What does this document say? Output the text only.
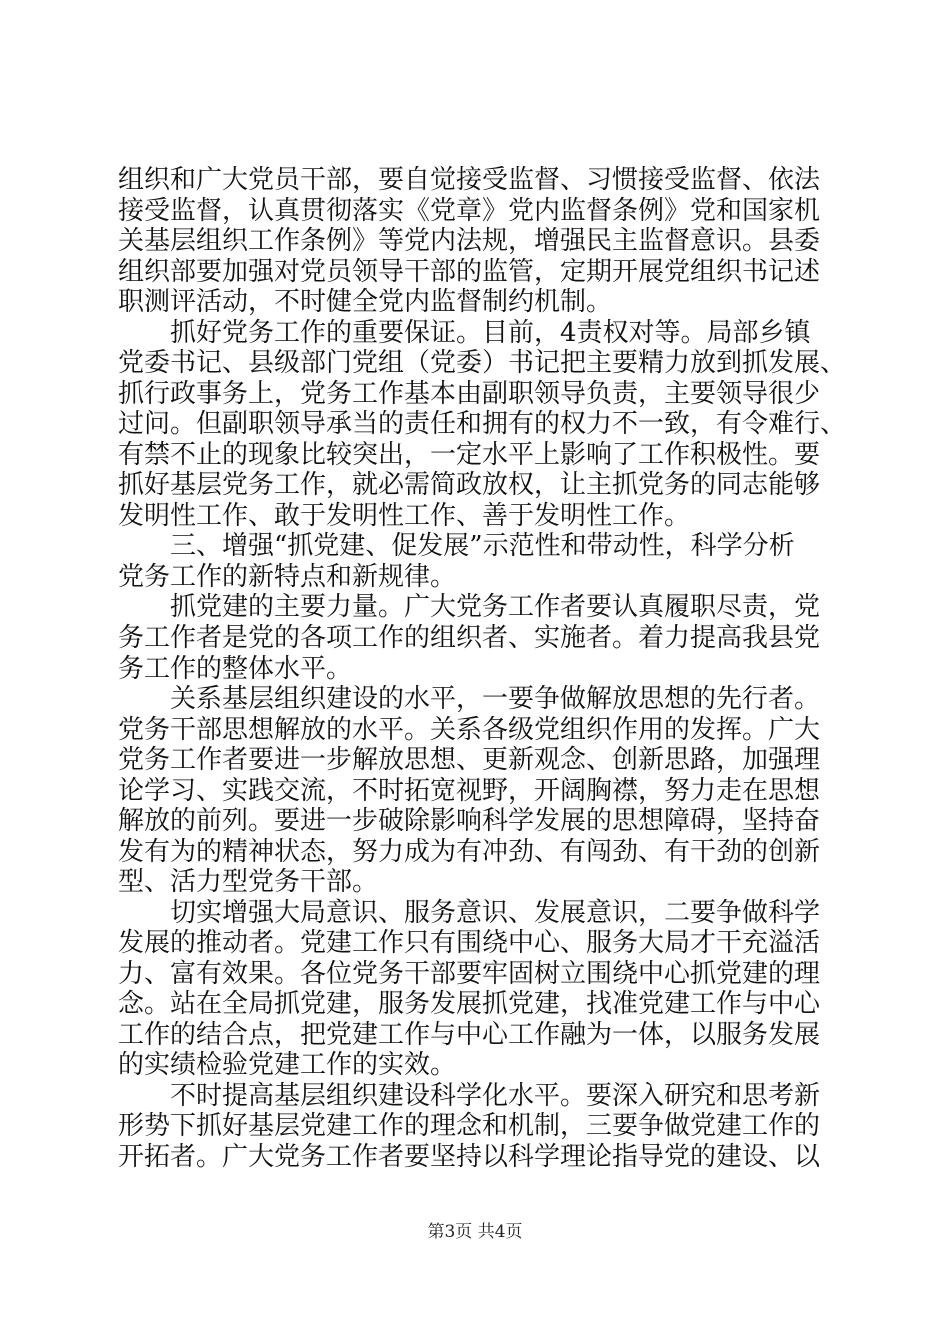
组织和广大党员干部，要自觉接受监督、习惯接受监督、依法
接受监督，认真贯彻落实《党章》党内监督条例》党和国家机
关基层组织工作条例》等党内法规，增强民主监督意识。县委
组织部要加强对党员领导干部的监管，定期开展党组织书记述
职测评活动，不时健全党内监督制约机制。
抓好党务工作的重要保证。目前，4责权对等。局部乡镇
党委书记、县级部门党组（党委）书记把主要精力放到抓发展、
抓行政事务上，党务工作基本由副职领导负责，主要领导很少
过问。但副职领导承当的责任和拥有的权力不一致，有令难行、
有禁不止的现象比较突出，一定水平上影响了工作积极性。要
抓好基层党务工作，就必需简政放权，让主抓党务的同志能够
发明性工作、敢于发明性工作、善于发明性工作。
三、增强“抓党建、促发展”示范性和带动性，科学分析
党务工作的新特点和新规律。
抓党建的主要力量。广大党务工作者要认真履职尽责，党
务工作者是党的各项工作的组织者、实施者。着力提高我县党
务工作的整体水平。
关系基层组织建设的水平，一要争做解放思想的先行者。
党务干部思想解放的水平。关系各级党组织作用的发挥。广大
党务工作者要进一步解放思想、更新观念、创新思路，加强理
论学习、实践交流，不时拓宽视野，开阔胸襟，努力走在思想
解放的前列。要进一步破除影响科学发展的思想障碍，坚持奋
发有为的精神状态，努力成为有冲劲、有闯劲、有干劲的创新
型、活力型党务干部。
切实增强大局意识、服务意识、发展意识，二要争做科学
发展的推动者。党建工作只有围绕中心、服务大局才干充溢活
力、富有效果。各位党务干部要牢固树立围绕中心抓党建的理
念。站在全局抓党建，服务发展抓党建，找准党建工作与中心
工作的结合点，把党建工作与中心工作融为一体，以服务发展
的实绩检验党建工作的实效。
不时提高基层组织建设科学化水平。要深入研究和思考新
形势下抓好基层党建工作的理念和机制，三要争做党建工作的
开拓者。广大党务工作者要坚持以科学理论指导党的建设、以
第3页 共4页
